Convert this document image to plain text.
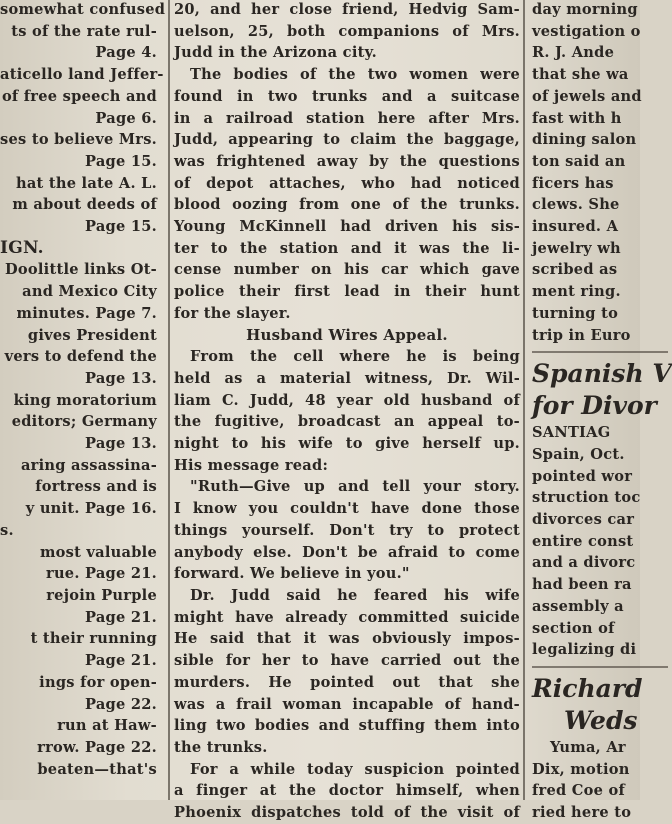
somewhat confused
ts of the rate rul-
Page 4.
aticello land Jeffer-
of free speech and
Page 6.
ses to believe Mrs.
Page 15.
hat the late A. L.
m about deeds of
Page 15.
IGN.
Doolittle links Ot-
and Mexico City
minutes. Page 7.
gives President
vers to defend the
Page 13.
king moratorium
editors; Germany
Page 13.
aring assassina-
fortress and is
y unit. Page 16.
s.
most valuable
rue. Page 21.
rejoin Purple
Page 21.
t their running
Page 21.
ings for open-
Page 22.
run at Haw-
rrow. Page 22.
beaten—that's
20, and her close friend, Hedvig Sam-
uelson, 25, both companions of Mrs.
Judd in the Arizona city.
The bodies of the two women were
found in two trunks and a suitcase
in a railroad station here after Mrs.
Judd, appearing to claim the baggage,
was frightened away by the questions
of depot attaches, who had noticed
blood oozing from one of the trunks.
Young McKinnell had driven his sis-
ter to the station and it was the li-
cense number on his car which gave
police their first lead in their hunt
for the slayer.
Husband Wires Appeal.
From the cell where he is being
held as a material witness, Dr. Wil-
liam C. Judd, 48 year old husband of
the fugitive, broadcast an appeal to-
night to his wife to give herself up.
His message read:
"Ruth—Give up and tell your story.
I know you couldn't have done those
things yourself. Don't try to protect
anybody else. Don't be afraid to come
forward. We believe in you."
Dr. Judd said he feared his wife
might have already committed suicide
He said that it was obviously impos-
sible for her to have carried out the
murders. He pointed out that she
was a frail woman incapable of hand-
ling two bodies and stuffing them into
the trunks.
For a while today suspicion pointed
a finger at the doctor himself, when
Phoenix dispatches told of the visit of
day morning
vestigation o
R. J. Ande
that she wa
of jewels and
fast with h
dining salon
ton said an
ficers has
clews. She
insured. A
jewelry wh
scribed as
ment ring.
turning to
trip in Euro
Spanish V
for Divor
SANTIAG
Spain, Oct.
pointed wor
struction toc
divorces car
entire const
and a divorc
had been ra
assembly a
section of
legalizing di
Richard
Weds
Yuma, Ar
Dix, motion
fred Coe of
ried here to
